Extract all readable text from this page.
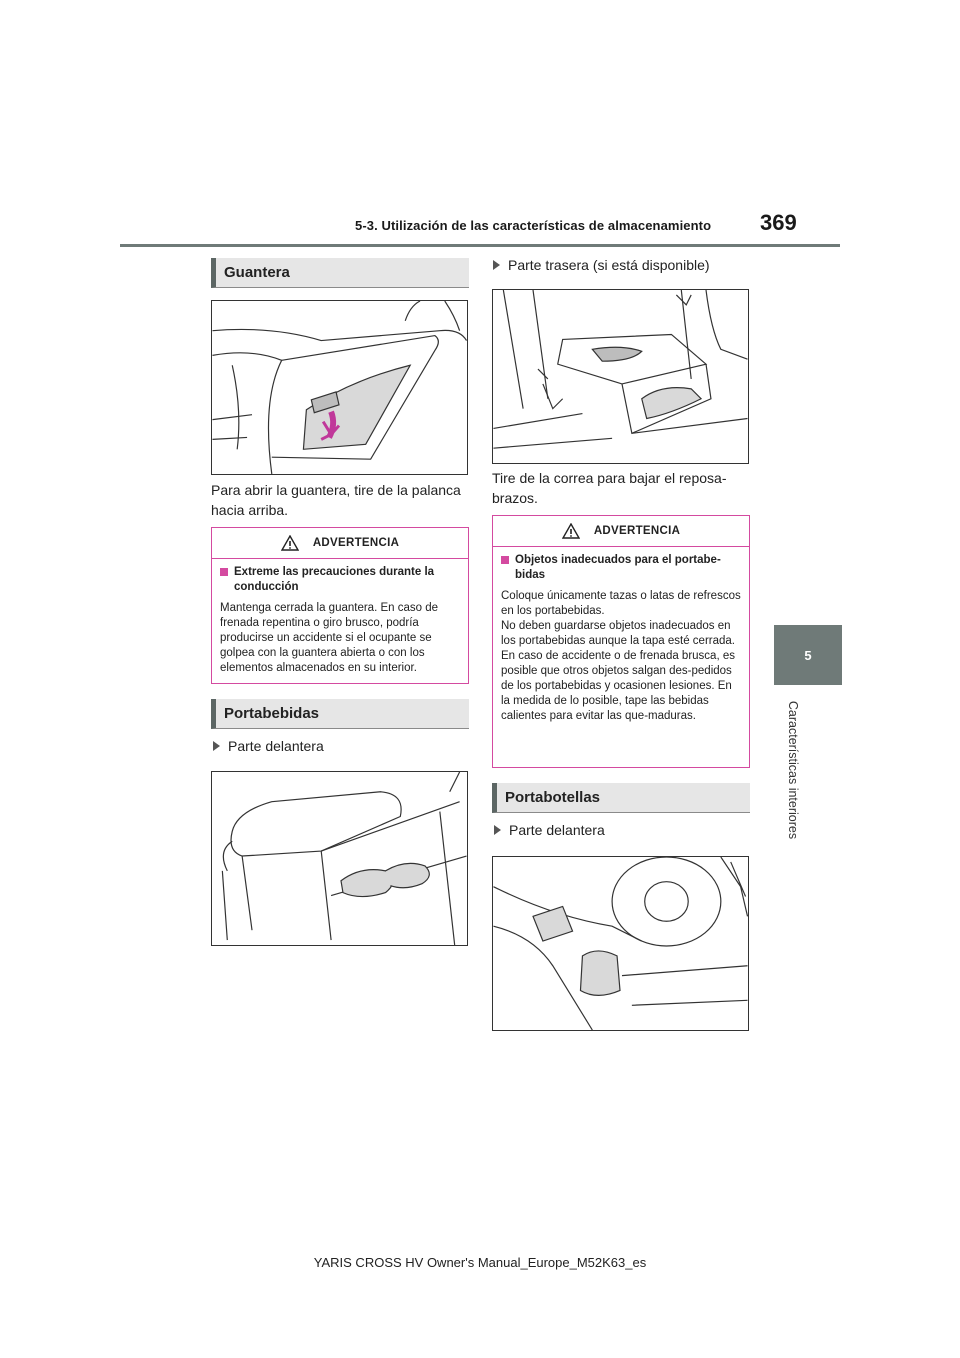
5-3. Utilización de las características de almacenamiento 369
5
Características interiores
Guantera
Para abrir la guantera, tire de la palanca hacia arriba.
ADVERTENCIA
Extreme las precauciones durante la conducción
Mantenga cerrada la guantera. En caso de frenada repentina o giro brusco, podría producirse un accidente si el ocupante se golpea con la guantera abierta o con los elementos almacenados en su interior.
Portabebidas
Parte delantera
Parte trasera (si está disponible)
Tire de la correa para bajar el reposa-brazos.
ADVERTENCIA
Objetos inadecuados para el portabe-bidas
Coloque únicamente tazas o latas de refrescos en los portabebidas.
No deben guardarse objetos inadecuados en los portabebidas aunque la tapa esté cerrada.
En caso de accidente o de frenada brusca, es posible que otros objetos salgan des-pedidos de los portabebidas y ocasionen lesiones. En la medida de lo posible, tape las bebidas calientes para evitar las que-maduras.
Portabotellas
Parte delantera
YARIS CROSS HV Owner's Manual_Europe_M52K63_es
